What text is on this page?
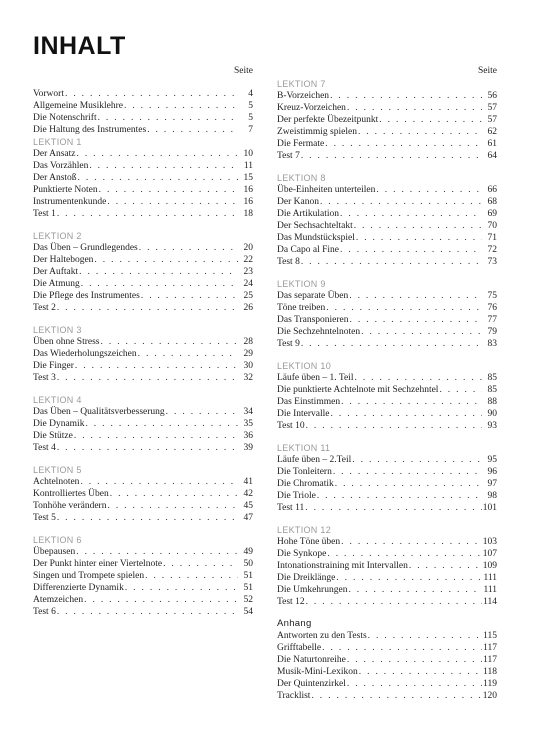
INHALT
Seite
Vorwort . . .	4
Allgemeine Musiklehre . . .	5
Die Notenschrift . . .	5
Die Haltung des Instrumentes . . .	7
LEKTION 1
Der Ansatz . . .	10
Das Vorzählen . . .	11
Der Anstoß . . .	15
Punktierte Noten . . .	16
Instrumentenkunde . . .	16
Test 1 . . .	18
LEKTION 2
Das Üben – Grundlegendes . . .	20
Der Haltebogen . . .	22
Der Auftakt . . .	23
Die Atmung . . .	24
Die Pflege des Instrumentes . . .	25
Test 2 . . .	26
LEKTION 3
Üben ohne Stress . . .	28
Das Wiederholungszeichen . . .	29
Die Finger . . .	30
Test 3 . . .	32
LEKTION 4
Das Üben – Qualitätsverbesserung . . .	34
Die Dynamik . . .	35
Die Stütze . . .	36
Test 4 . . .	39
LEKTION 5
Achtelnoten . . .	41
Kontrolliertes Üben . . .	42
Tonhöhe verändern . . .	45
Test 5 . . .	47
LEKTION 6
Übepausen . . .	49
Der Punkt hinter einer Viertelnote . . .	50
Singen und Trompete spielen . . .	51
Differenzierte Dynamik . . .	51
Atemzeichen . . .	52
Test 6 . . .	54
Seite
LEKTION 7
B-Vorzeichen . . .	56
Kreuz-Vorzeichen . . .	57
Der perfekte Übezeitpunkt . . .	57
Zweistimmig spielen . . .	62
Die Fermate . . .	61
Test 7 . . .	64
LEKTION 8
Übe-Einheiten unterteilen . . .	66
Der Kanon . . .	68
Die Artikulation . . .	69
Der Sechsachteltakt . . .	70
Das Mundstückspiel . . .	71
Da Capo al Fine . . .	72
Test 8 . . .	73
LEKTION 9
Das separate Üben . . .	75
Töne treiben . . .	76
Das Transponieren . . .	77
Die Sechzehntelnoten . . .	79
Test 9 . . .	83
LEKTION 10
Läufe üben – 1. Teil . . .	85
Die punktierte Achtelnote mit Sechzehntel . . .	85
Das Einstimmen . . .	88
Die Intervalle . . .	90
Test 10 . . .	93
LEKTION 11
Läufe üben – 2.Teil . . .	95
Die Tonleitern . . .	96
Die Chromatik . . .	97
Die Triole . . .	98
Test 11 . . .	101
LEKTION 12
Hohe Töne üben . . .	103
Die Synkope . . .	107
Intonationstraining mit Intervallen . . .	109
Die Dreiklänge . . .	111
Die Umkehrungen . . .	111
Test 12 . . .	114
Anhang
Antworten zu den Tests . . .	115
Grifftabelle . . .	117
Die Naturtonreihe . . .	117
Musik-Mini-Lexikon . . .	118
Der Quintenzirkel . . .	119
Tracklist . . .	120
